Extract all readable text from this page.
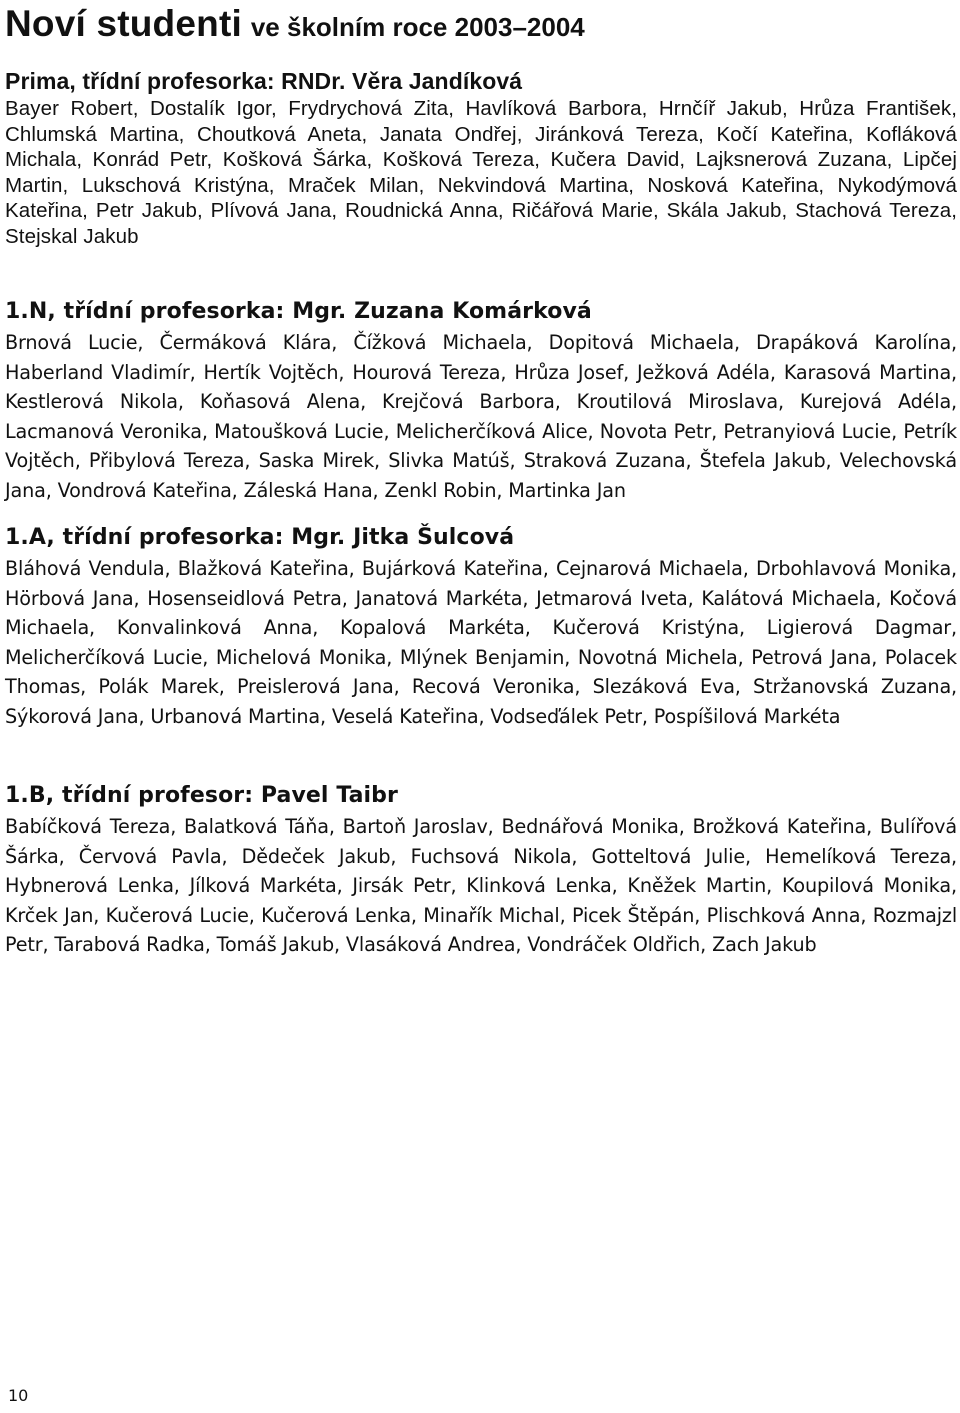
Noví studenti ve školním roce 2003–2004
Prima, třídní profesorka: RNDr. Věra Jandíková

Bayer Robert, Dostalík Igor, Frydrychová Zita, Havlíková Barbora, Hrnčíř Jakub, Hrůza František, Chlumská Martina, Choutková Aneta, Janata Ondřej, Jiránková Tereza, Kočí Kateřina, Kofláková Michala, Konrád Petr, Košková Šárka, Košková Tereza, Kučera David, Lajksnerová Zuzana, Lipčej Martin, Lukschová Kristýna, Mraček Milan, Nekvindová Martina, Nosková Kateřina, Nykodýmová Kateřina, Petr Jakub, Plívová Jana, Roudnická Anna, Ričářová Marie, Skála Jakub, Stachová Tereza, Stejskal Jakub

1.N, třídní profesorka: Mgr. Zuzana Komárková

Brnová Lucie, Čermáková Klára, Čížková Michaela, Dopitová Michaela, Drapáková Karolína, Haberland Vladimír, Hertík Vojtěch, Hourová Tereza, Hrůza Josef, Ježková Adéla, Karasová Martina, Kestlerová Nikola, Koňasová Alena, Krejčová Barbora, Kroutilová Miroslava, Kurejová Adéla, Lacmanová Veronika, Matoušková Lucie, Melicherčíková Alice, Novota Petr, Petranyiová Lucie, Petrík Vojtěch, Přibylová Tereza, Saska Mirek, Slivka Matúš, Straková Zuzana, Štefela Jakub, Velechovská Jana, Vondrová Kateřina, Záleská Hana, Zenkl Robin, Martinka Jan

1.A, třídní profesorka: Mgr. Jitka Šulcová

Bláhová Vendula, Blažková Kateřina, Bujárková Kateřina, Cejnarová Michaela, Drbohlavová Monika, Hörbová Jana, Hosenseidlová Petra, Janatová Markéta, Jetmarová Iveta, Kalátová Michaela, Kočová Michaela, Konvalinková Anna, Kopalová Markéta, Kučerová Kristýna, Ligierová Dagmar, Melicherčíková Lucie, Michelová Monika, Mlýnek Benjamin, Novotná Michela, Petrová Jana, Polacek Thomas, Polák Marek, Preislerová Jana, Recová Veronika, Slezáková Eva, Stržanovská Zuzana, Sýkorová Jana, Urbanová Martina, Veselá Kateřina, Vodseďálek Petr, Pospíšilová Markéta

1.B, třídní profesor: Pavel Taibr

Babíčková Tereza, Balatková Táňa, Bartoň Jaroslav, Bednářová Monika, Brožková Kateřina, Bulířová Šárka, Červová Pavla, Dědeček Jakub, Fuchsová Nikola, Gotteltová Julie, Hemelíková Tereza, Hybnerová Lenka, Jílková Markéta, Jirsák Petr, Klinková Lenka, Kněžek Martin, Koupilová Monika, Krček Jan, Kučerová Lucie, Kučerová Lenka, Minařík Michal, Picek Štěpán, Plischková Anna, Rozmajzl Petr, Tarabová Radka, Tomáš Jakub, Vlasáková Andrea, Vondráček Oldřich, Zach Jakub

10
